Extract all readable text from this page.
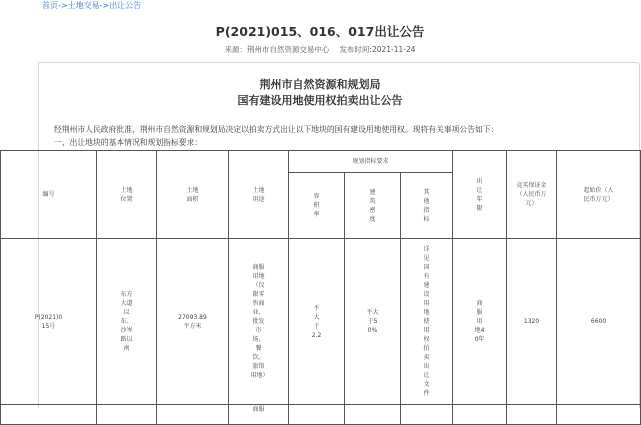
首页->土地交易->出让公告
P(2021)015、016、017出让公告
来源：荆州市自然资源交易中心 发布时间:2021-11-24
荆州市自然资源和规划局
国有建设用地使用权拍卖出让公告
经荆州市人民政府批准，荆州市自然资源和规划局决定以拍卖方式出让以下地块的国有建设用地使用权。现将有关事项公告如下：
一、出让地块的基本情况和规划指标要求：
编号	土地位置	土地面积	土地用途	规划指标要求			出让年限	竞买保证金（人民币万元）	起始价（人民币万元）

				容积率	建筑密度	其他指标			

P(2021)015号	东方大道以东、沙岑路以南	27093.89平方米	商服用地（仅限零售商业、批发市场、餐饮、旅馆用地）	不大于2.2	不大于50%	详见国有建设用地使用权拍卖出让文件	商服用地40年	1320	6600

			商服						
